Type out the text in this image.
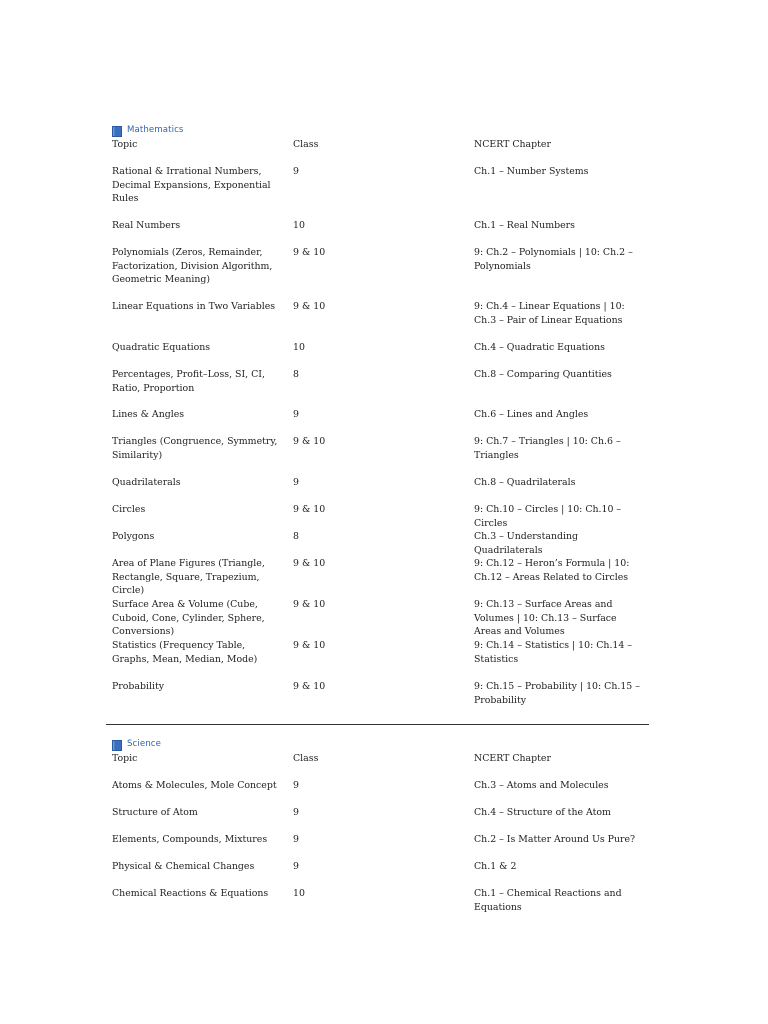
Mathematics
Topic	Class	NCERT Chapter

Rational & Irrational Numbers, Decimal Expansions, Exponential Rules	9	Ch.1 – Number Systems

Real Numbers	10	Ch.1 – Real Numbers

Polynomials (Zeros, Remainder, Factorization, Division Algorithm, Geometric Meaning)	9 & 10	9: Ch.2 – Polynomials | 10: Ch.2 – Polynomials

Linear Equations in Two Variables	9 & 10	9: Ch.4 – Linear Equations | 10: Ch.3 – Pair of Linear Equations

Quadratic Equations	10	Ch.4 – Quadratic Equations

Percentages, Profit–Loss, SI, CI, Ratio, Proportion	8	Ch.8 – Comparing Quantities

Lines & Angles	9	Ch.6 – Lines and Angles

Triangles (Congruence, Symmetry, Similarity)	9 & 10	9: Ch.7 – Triangles | 10: Ch.6 – Triangles

Quadrilaterals	9	Ch.8 – Quadrilaterals

Circles	9 & 10	9: Ch.10 – Circles | 10: Ch.10 – Circles

Polygons	8	Ch.3 – Understanding Quadrilaterals

Area of Plane Figures (Triangle, Rectangle, Square, Trapezium, Circle)	9 & 10	9: Ch.12 – Heron’s Formula | 10: Ch.12 – Areas Related to Circles

Surface Area & Volume (Cube, Cuboid, Cone, Cylinder, Sphere, Conversions)	9 & 10	9: Ch.13 – Surface Areas and Volumes | 10: Ch.13 – Surface Areas and Volumes

Statistics (Frequency Table, Graphs, Mean, Median, Mode)	9 & 10	9: Ch.14 – Statistics | 10: Ch.14 – Statistics

Probability	9 & 10	9: Ch.15 – Probability | 10: Ch.15 – Probability
Science
Topic	Class	NCERT Chapter

Atoms & Molecules, Mole Concept	9	Ch.3 – Atoms and Molecules

Structure of Atom	9	Ch.4 – Structure of the Atom

Elements, Compounds, Mixtures	9	Ch.2 – Is Matter Around Us Pure?

Physical & Chemical Changes	9	Ch.1 & 2

Chemical Reactions & Equations	10	Ch.1 – Chemical Reactions and Equations
